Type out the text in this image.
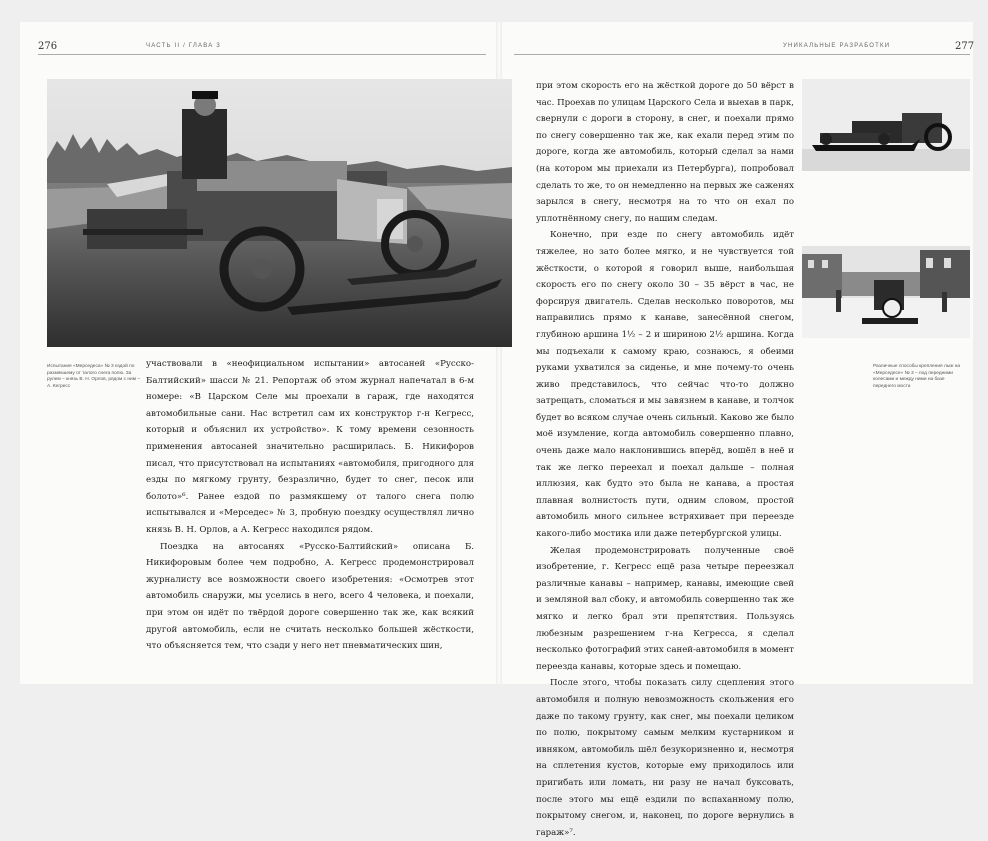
276	ЧАСТЬ II / ГЛАВА 3	УНИКАЛЬНЫЕ РАЗРАБОТКИ	277
Испытания «Мерседеса» № 3 ездой по размякшему от талого снега полю. За рулем – князь В. Н. Орлов, рядом с ним – А. Кегресс

участвовали в «неофициальном испытании» автосаней «Русско-Балтийский» шасси № 21. Репортаж об этом журнал напечатал в 6-м номере: «В Царском Селе мы проехали в гараж, где находятся автомобильные сани. Нас встретил сам их конструктор г-н Кегресс, который и объяснил их устройство». К тому времени сезонность применения автосаней значительно расширилась. Б. Никифоров писал, что присутствовал на испытаниях «автомобиля, пригодного для езды по мягкому грунту, безразлично, будет то снег, песок или болото»⁶. Ранее ездой по размякшему от талого снега полю испытывался и «Мерседес» № 3, пробную поездку осуществлял лично князь В. Н. Орлов, а А. Кегресс находился рядом.

Поездка на автосанях «Русско-Балтийский» описана Б. Никифоровым более чем подробно, А. Кегресс продемонстрировал журналисту все возможности своего изобретения: «Осмотрев этот автомобиль снаружи, мы уселись в него, всего 4 человека, и поехали, при этом он идёт по твёрдой дороге совершенно так же, как всякий другой автомобиль, если не считать несколько большей жёсткости, что объясняется тем, что сзади у него нет пневматических шин,

при этом скорость его на жёсткой дороге до 50 вёрст в час. Проехав по улицам Царского Села и выехав в парк, свернули с дороги в сторону, в снег, и поехали прямо по снегу совершенно так же, как ехали перед этим по дороге, когда же автомобиль, который сделал за нами (на котором мы приехали из Петербурга), попробовал сделать то же, то он немедленно на первых же саженях зарылся в снегу, несмотря на то что он ехал по уплотнённому снегу, по нашим следам.

Конечно, при езде по снегу автомобиль идёт тяжелее, но зато более мягко, и не чувствуется той жёсткости, о которой я говорил выше, наибольшая скорость его по снегу около 30 – 35 вёрст в час, не форсируя двигатель. Сделав несколько поворотов, мы направились прямо к канаве, занесённой снегом, глубиною аршина 1½ – 2 и шириною 2½ аршина. Когда мы подъехали к самому краю, сознаюсь, я обеими руками ухватился за сиденье, и мне почему-то очень живо представилось, что сейчас что-то должно затрещать, сломаться и мы завязнем в канаве, и толчок будет во всяком случае очень сильный. Каково же было моё изумление, когда автомобиль совершенно плавно, очень даже мало наклонившись вперёд, вошёл в неё и так же легко переехал и поехал дальше – полная иллюзия, как будто это была не канава, а простая плавная волнистость пути, одним словом, простой автомобиль много сильнее встряхивает при переезде какого-либо мостика или даже петербургской улицы.

Желая продемонстрировать полученные своё изобретение, г. Кегресс ещё раза четыре переезжал различные канавы – например, канавы, имеющие свей и земляной вал сбоку, и автомобиль совершенно так же мягко и легко брал эти препятствия. Пользуясь любезным разрешением г-на Кегресса, я сделал несколько фотографий этих саней-автомобиля в момент переезда канавы, которые здесь и помещаю.

После этого, чтобы показать силу сцепления этого автомобиля и полную невозможность скольжения его даже по такому грунту, как снег, мы поехали целиком по полю, покрытому самым мелким кустарником и ивняком, автомобиль шёл безукоризненно и, несмотря на сплетения кустов, которые ему приходилось или пригибать или ломать, ни разу не начал буксовать, после этого мы ещё ездили по вспаханному полю, покрытому снегом, и, наконец, по дороге вернулись в гараж»⁷.

Различные способы крепления лыж на «Мерседесе» № 3 – под передними колесами и между ними на базе переднего моста
